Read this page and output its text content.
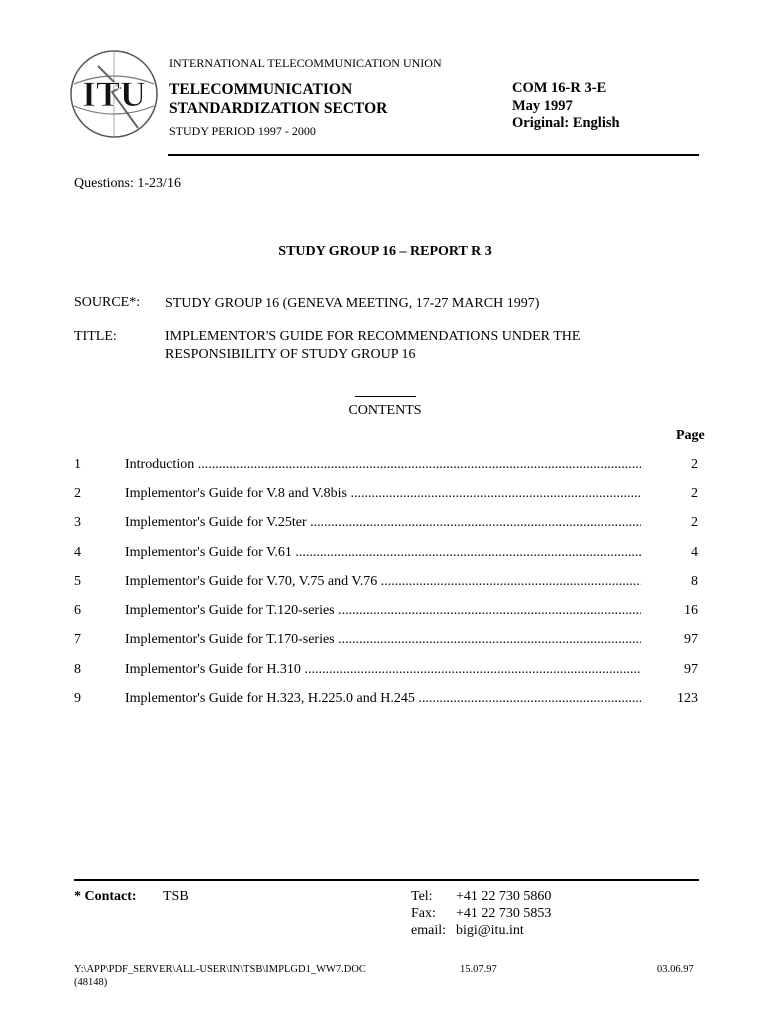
ITU
INTERNATIONAL TELECOMMUNICATION UNION
TELECOMMUNICATION
STANDARDIZATION SECTOR
STUDY PERIOD 1997 - 2000
COM 16-R 3-E
May 1997
Original: English
Questions: 1-23/16
STUDY GROUP 16 – REPORT R 3
SOURCE*: STUDY GROUP 16 (GENEVA MEETING, 17-27 MARCH 1997)
TITLE:	IMPLEMENTOR'S GUIDE FOR RECOMMENDATIONS UNDER THE
RESPONSIBILITY OF STUDY GROUP 16
CONTENTS
Page
1	Introduction .....	2
2	Implementor's Guide for V.8 and V.8bis .....	2
3	Implementor's Guide for V.25ter .....	2
4	Implementor's Guide for V.61 .....	4
5	Implementor's Guide for V.70, V.75 and V.76 .....	8
6	Implementor's Guide for T.120-series .....	16
7	Implementor's Guide for T.170-series .....	97
8	Implementor's Guide for H.310 .....	97
9	Implementor's Guide for H.323, H.225.0 and H.245 .....	123
* Contact: TSB	Tel: +41 22 730 5860
Fax: +41 22 730 5853
email: bigi@itu.int
Y:\APP\PDF_SERVER\ALL-USER\IN\TSB\IMPLGD1_WW7.DOC
(48148)
15.07.97	03.06.97
